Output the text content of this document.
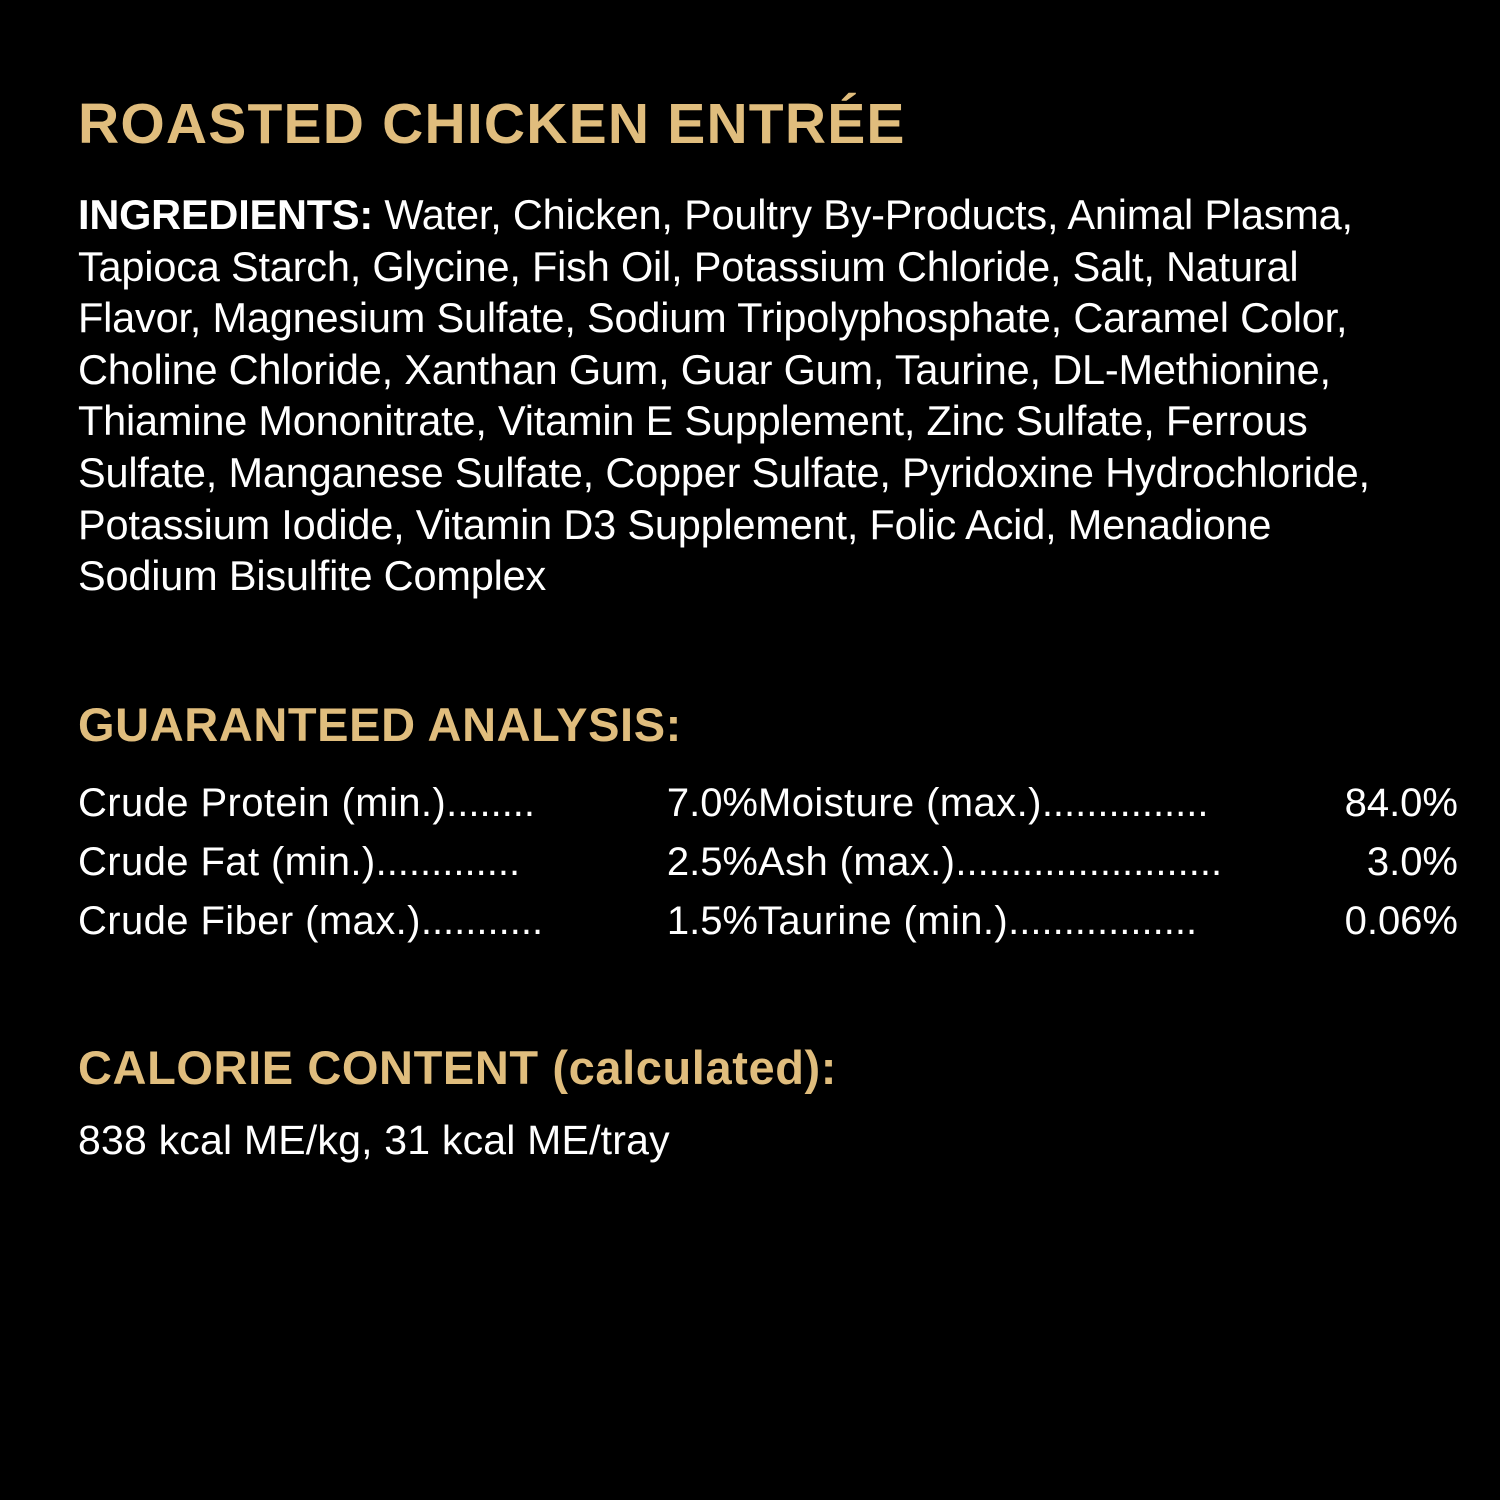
ROASTED CHICKEN ENTRÉE

INGREDIENTS: Water, Chicken, Poultry By-Products, Animal Plasma, Tapioca Starch, Glycine, Fish Oil, Potassium Chloride, Salt, Natural Flavor, Magnesium Sulfate, Sodium Tripolyphosphate, Caramel Color, Choline Chloride, Xanthan Gum, Guar Gum, Taurine, DL-Methionine, Thiamine Mononitrate, Vitamin E Supplement, Zinc Sulfate, Ferrous Sulfate, Manganese Sulfate, Copper Sulfate, Pyridoxine Hydrochloride, Potassium Iodide, Vitamin D3 Supplement, Folic Acid, Menadione Sodium Bisulfite Complex

GUARANTEED ANALYSIS:
Crude Protein (min.) ........	7.0% Moisture (max.) ...............	84.0%
Crude Fat (min.) .............	2.5% Ash (max.) ........................	3.0%
Crude Fiber (max.) ...........	1.5% Taurine (min.) .................	0.06%
CALORIE CONTENT (calculated):

838 kcal ME/kg, 31 kcal ME/tray
